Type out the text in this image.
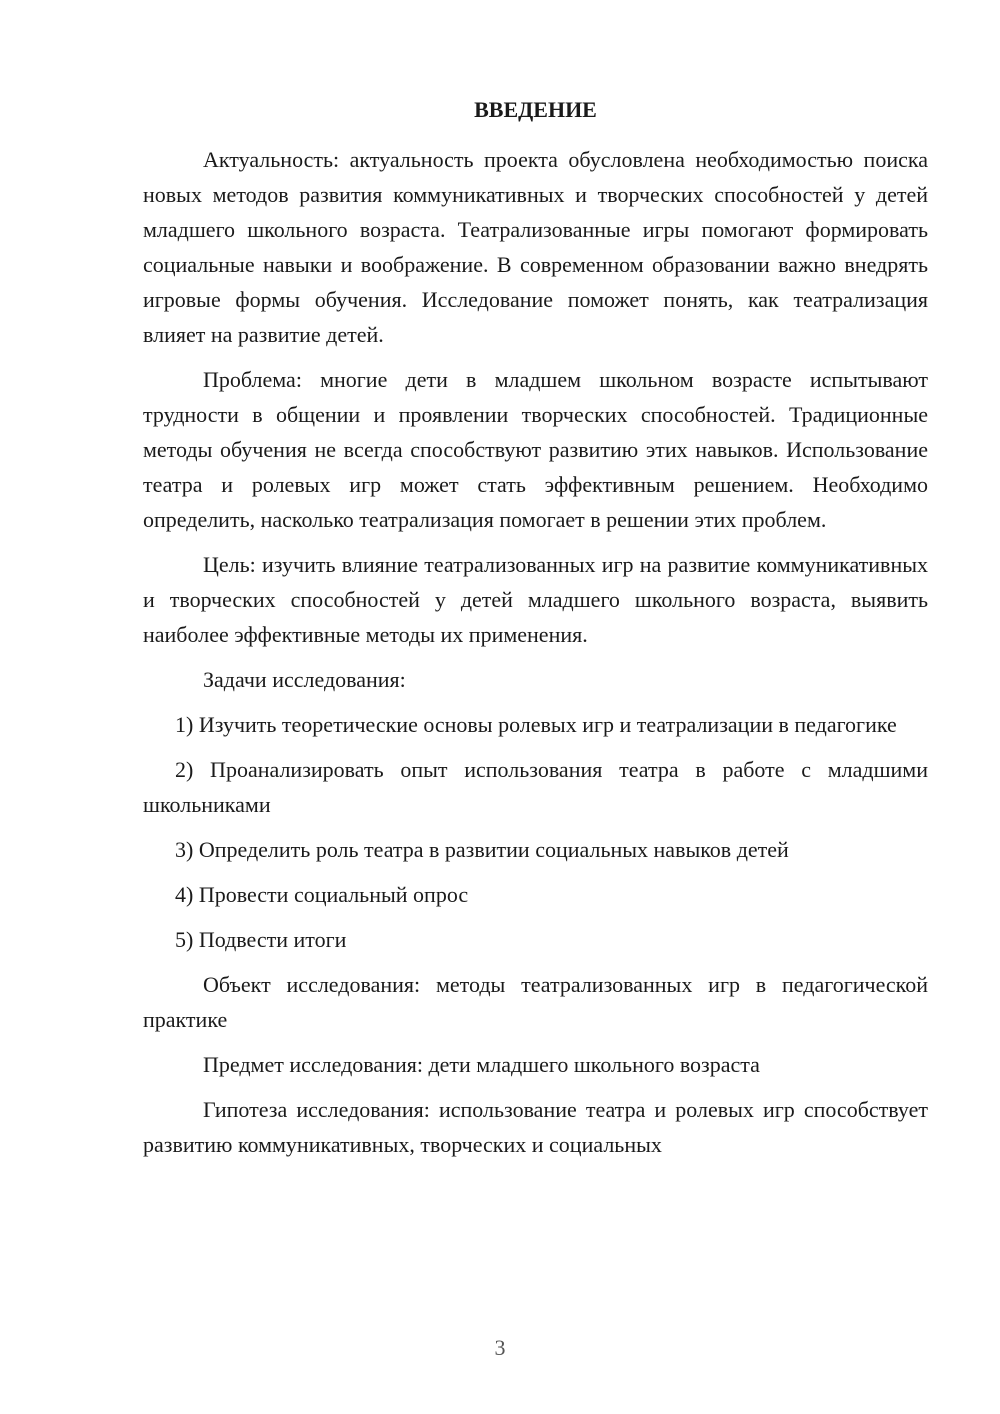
ВВЕДЕНИЕ

Актуальность: актуальность проекта обусловлена необходимостью поиска новых методов развития коммуникативных и творческих способностей у детей младшего школьного возраста. Театрализованные игры помогают формировать социальные навыки и воображение. В современном образовании важно внедрять игровые формы обучения. Исследование поможет понять, как театрализация влияет на развитие детей.

Проблема: многие дети в младшем школьном возрасте испытывают трудности в общении и проявлении творческих способностей. Традиционные методы обучения не всегда способствуют развитию этих навыков. Использование театра и ролевых игр может стать эффективным решением. Необходимо определить, насколько театрализация помогает в решении этих проблем.

Цель: изучить влияние театрализованных игр на развитие коммуникативных и творческих способностей у детей младшего школьного возраста, выявить наиболее эффективные методы их применения.

Задачи исследования:

1) Изучить теоретические основы ролевых игр и театрализации в педагогике

2) Проанализировать опыт использования театра в работе с младшими школьниками

3) Определить роль театра в развитии социальных навыков детей

4) Провести социальный опрос

5) Подвести итоги

Объект исследования: методы театрализованных игр в педагогической практике

Предмет исследования: дети младшего школьного возраста

Гипотеза исследования: использование театра и ролевых игр способствует развитию коммуникативных, творческих и социальных

3
